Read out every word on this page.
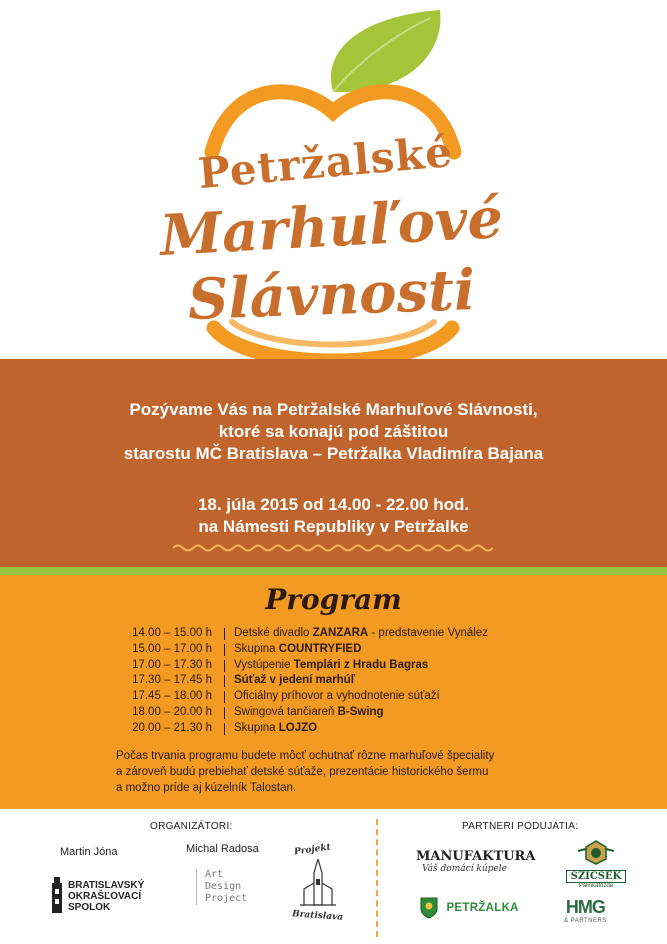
Petržalské
Marhuľové
Slávnosti
Pozývame Vás na Petržalské Marhuľové Slávnosti,
ktoré sa konajú pod záštitou
starostu MČ Bratislava – Petržalka Vladimíra Bajana
18. júla 2015 od 14.00 - 22.00 hod.
na Námesti Republiky v Petržalke
Program
14.00 – 15.00 h Detské divadlo ZANZARA - predstavenie Vynález
15.00 – 17.00 h Skupina COUNTRYFIED
17.00 – 17.30 h Vystúpenie Templári z Hradu Bagras
17.30 – 17.45 h Súťaž v jedení marhúľ
17.45 – 18.00 h Oficiálny príhovor a vyhodnotenie súťaží
18.00 – 20.00 h Swingová tančiareň B-Swing
20.00 – 21.30 h Skupina LOJZO
Počas trvania programu budete môcť ochutnať rôzne marhuľové špeciality
a zároveň budú prebiehať detské súťaže, prezentácie historického šermu
a možno príde aj kúzelník Talostan.
ORGANIZÁTORI:	PARTNERI PODUJATIA:
Martin Jóna	Michal Radosa
BRATISLAVSKÝ
OKRAŠĽOVACÍ
SPOLOK
Art
Design
Project
Projekt
Bratislava
MANUFAKTURA
Váš domácí kúpele
PETRŽALKA
SZICSEK
Pálinkafőzde
HMG
& PARTNERS
